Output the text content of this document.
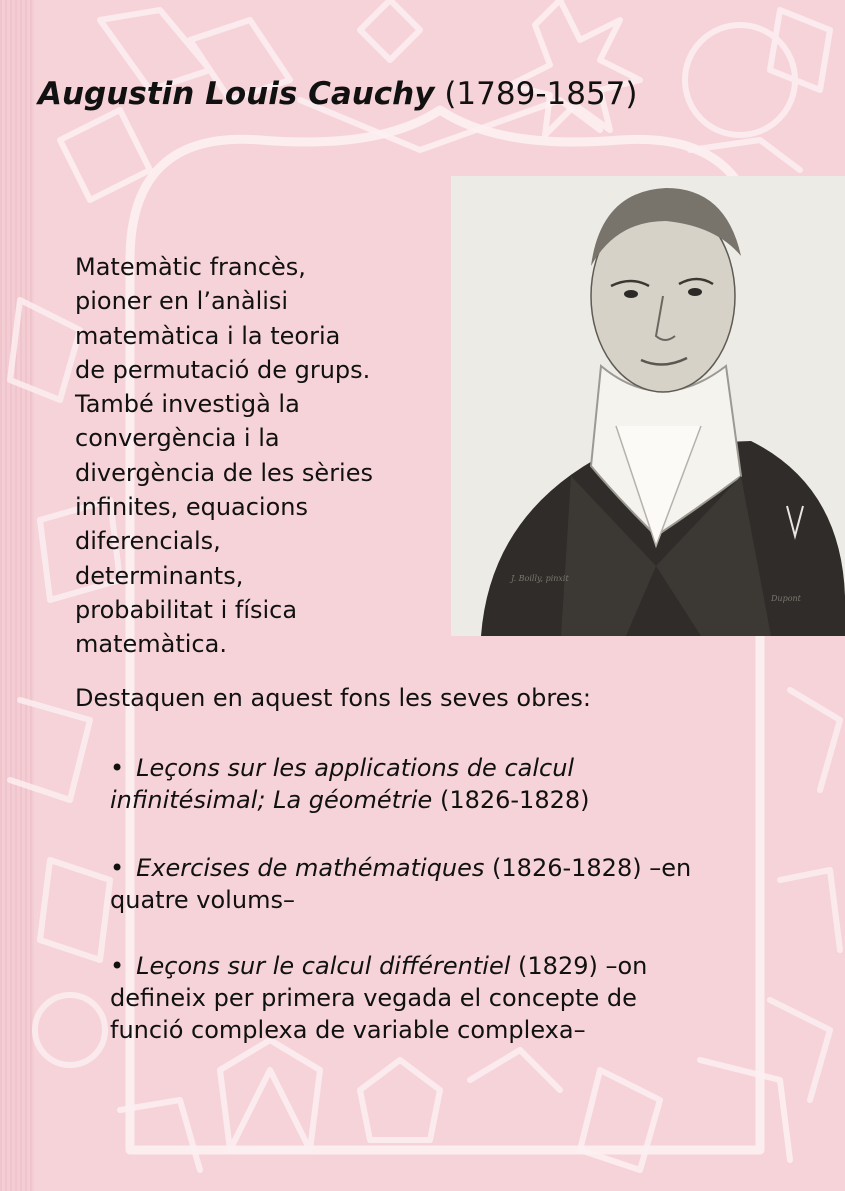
Augustin Louis Cauchy (1789-1857)
J. Boilly, pinxit
Dupont

Matemàtic francès,
pioner en l’anàlisi
matemàtica i la teoria
de permutació de grups.
També investigà la
convergència i la
divergència de les sèries
infinites, equacions
diferencials,
determinants,
probabilitat i física
matemàtica.

Destaquen en aquest fons les seves obres:

• Leçons sur les applications de calcul
infinitésimal; La géométrie (1826-1828)
• Exercises de mathématiques (1826-1828) –en
quatre volums–
• Leçons sur le calcul différentiel (1829) –on
defineix per primera vegada el concepte de
funció complexa de variable complexa–
